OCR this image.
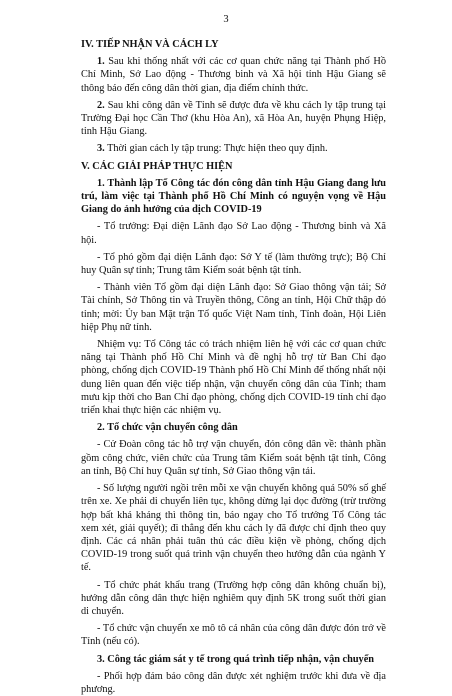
3

IV. TIẾP NHẬN VÀ CÁCH LY

1. Sau khi thống nhất với các cơ quan chức năng tại Thành phố Hồ Chí Minh, Sở Lao động - Thương binh và Xã hội tỉnh Hậu Giang sẽ thông báo đến công dân thời gian, địa điểm chính thức.

2. Sau khi công dân về Tỉnh sẽ được đưa về khu cách ly tập trung tại Trường Đại học Cần Thơ (khu Hòa An), xã Hòa An, huyện Phụng Hiệp, tỉnh Hậu Giang.

3. Thời gian cách ly tập trung: Thực hiện theo quy định.

V. CÁC GIẢI PHÁP THỰC HIỆN

1. Thành lập Tổ Công tác đón công dân tỉnh Hậu Giang đang lưu trú, làm việc tại Thành phố Hồ Chí Minh có nguyện vọng về Hậu Giang do ảnh hưởng của dịch COVID-19

- Tổ trưởng: Đại diện Lãnh đạo Sở Lao động - Thương binh và Xã hội.

- Tổ phó gồm đại diện Lãnh đạo: Sở Y tế (làm thường trực); Bộ Chỉ huy Quân sự tỉnh; Trung tâm Kiểm soát bệnh tật tỉnh.

- Thành viên Tổ gồm đại diện Lãnh đạo: Sở Giao thông vận tải; Sở Tài chính, Sở Thông tin và Truyền thông, Công an tỉnh, Hội Chữ thập đỏ tỉnh; mời: Ủy ban Mặt trận Tổ quốc Việt Nam tỉnh, Tỉnh đoàn, Hội Liên hiệp Phụ nữ tỉnh.

Nhiệm vụ: Tổ Công tác có trách nhiệm liên hệ với các cơ quan chức năng tại Thành phố Hồ Chí Minh và đề nghị hỗ trợ từ Ban Chỉ đạo phòng, chống dịch COVID-19 Thành phố Hồ Chí Minh để thống nhất nội dung liên quan đến việc tiếp nhận, vận chuyển công dân của Tỉnh; tham mưu kịp thời cho Ban Chỉ đạo phòng, chống dịch COVID-19 tỉnh chỉ đạo triển khai thực hiện các nhiệm vụ.

2. Tổ chức vận chuyển công dân

- Cử Đoàn công tác hỗ trợ vận chuyển, đón công dân về: thành phần gồm công chức, viên chức của Trung tâm Kiểm soát bệnh tật tỉnh, Công an tỉnh, Bộ Chỉ huy Quân sự tỉnh, Sở Giao thông vận tải.

- Số lượng người ngồi trên mỗi xe vận chuyển không quá 50% số ghế trên xe. Xe phải di chuyển liên tục, không dừng lại dọc đường (trừ trường hợp bất khả kháng thì thông tin, báo ngay cho Tổ trưởng Tổ Công tác xem xét, giải quyết); đi thẳng đến khu cách ly đã được chỉ định theo quy định. Các cá nhân phải tuân thủ các điều kiện về phòng, chống dịch COVID-19 trong suốt quá trình vận chuyển theo hướng dẫn của ngành Y tế.

- Tổ chức phát khẩu trang (Trường hợp công dân không chuẩn bị), hướng dẫn công dân thực hiện nghiêm quy định 5K trong suốt thời gian di chuyển.

- Tổ chức vận chuyển xe mô tô cá nhân của công dân được đón trở về Tỉnh (nếu có).

3. Công tác giám sát y tế trong quá trình tiếp nhận, vận chuyển

- Phối hợp đảm bảo công dân được xét nghiệm trước khi đưa về địa phương.
